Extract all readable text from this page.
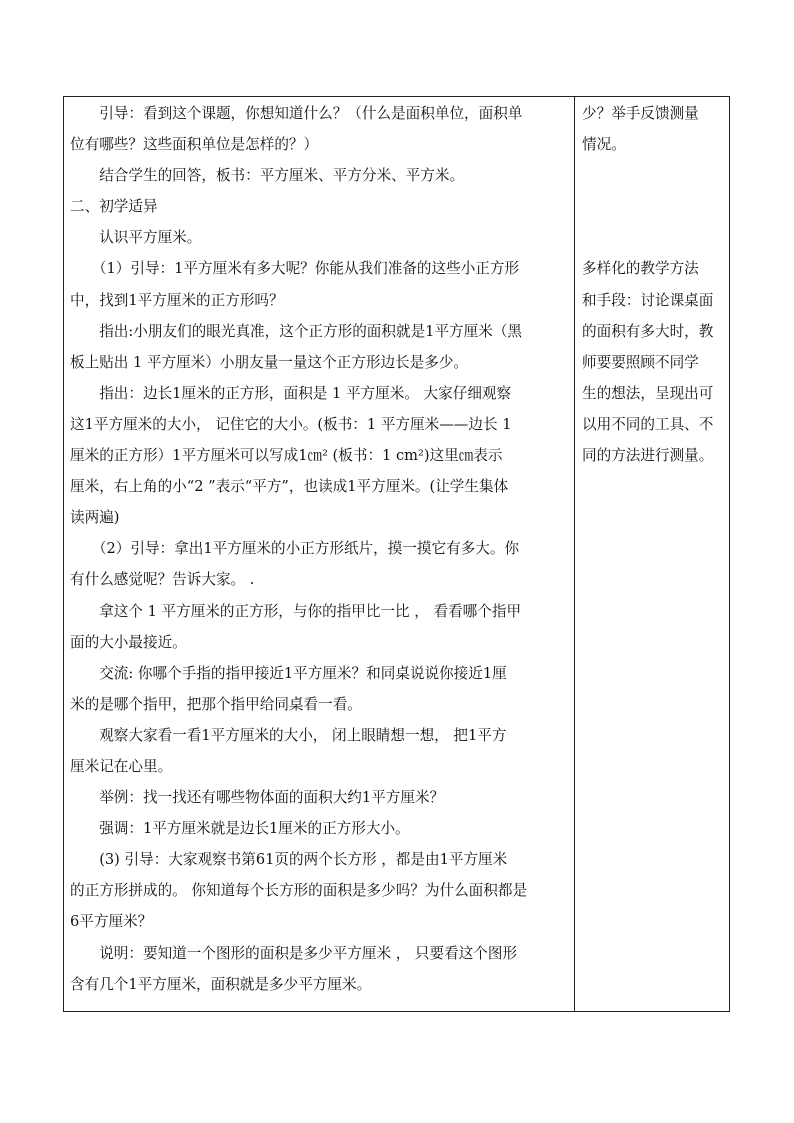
　　引导：看到这个课题，你想知道什么？（什么是面积单位，面积单

位有哪些？这些面积单位是怎样的？）

　　结合学生的回答，板书：平方厘米、平方分米、平方米。

二、初学适异

　　认识平方厘米。

　　（1）引导：1平方厘米有多大呢？你能从我们准备的这些小正方形

中，找到1平方厘米的正方形吗？

　　指出:小朋友们的眼光真准，这个正方形的面积就是1平方厘米（黑

板上贴出 1 平方厘米）小朋友量一量这个正方形边长是多少。

　　指出：边长1厘米的正方形，面积是 1 平方厘米。 大家仔细观察

这1平方厘米的大小， 记住它的大小。(板书：1 平方厘米——边长 1

厘米的正方形）1平方厘米可以写成1㎝² (板书：1 cm²)这里㎝表示

厘米，右上角的小“2 ”表示“平方”，也读成1平方厘米。(让学生集体

读两遍)

　　（2）引导：拿出1平方厘米的小正方形纸片，摸一摸它有多大。你

有什么感觉呢？告诉大家。 .

　　拿这个 1 平方厘米的正方形，与你的指甲比一比 ， 看看哪个指甲

面的大小最接近。

　　交流: 你哪个手指的指甲接近1平方厘米？和同桌说说你接近1厘

米的是哪个指甲，把那个指甲给同桌看一看。

　　观察大家看一看1平方厘米的大小， 闭上眼睛想一想， 把1平方

厘米记在心里。

　　举例：找一找还有哪些物体面的面积大约1平方厘米？

　　强调：1平方厘米就是边长1厘米的正方形大小。

　　(3) 引导：大家观察书第61页的两个长方形 ，都是由1平方厘米

的正方形拼成的。 你知道每个长方形的面积是多少吗？为什么面积都是

6平方厘米？

　　说明：要知道一个图形的面积是多少平方厘米 ， 只要看这个图形

含有几个1平方厘米，面积就是多少平方厘米。

少？举手反馈测量

情况。

多样化的教学方法

和手段：讨论课桌面

的面积有多大时，教

师要要照顾不同学

生的想法，呈现出可

以用不同的工具、不

同的方法进行测量。
